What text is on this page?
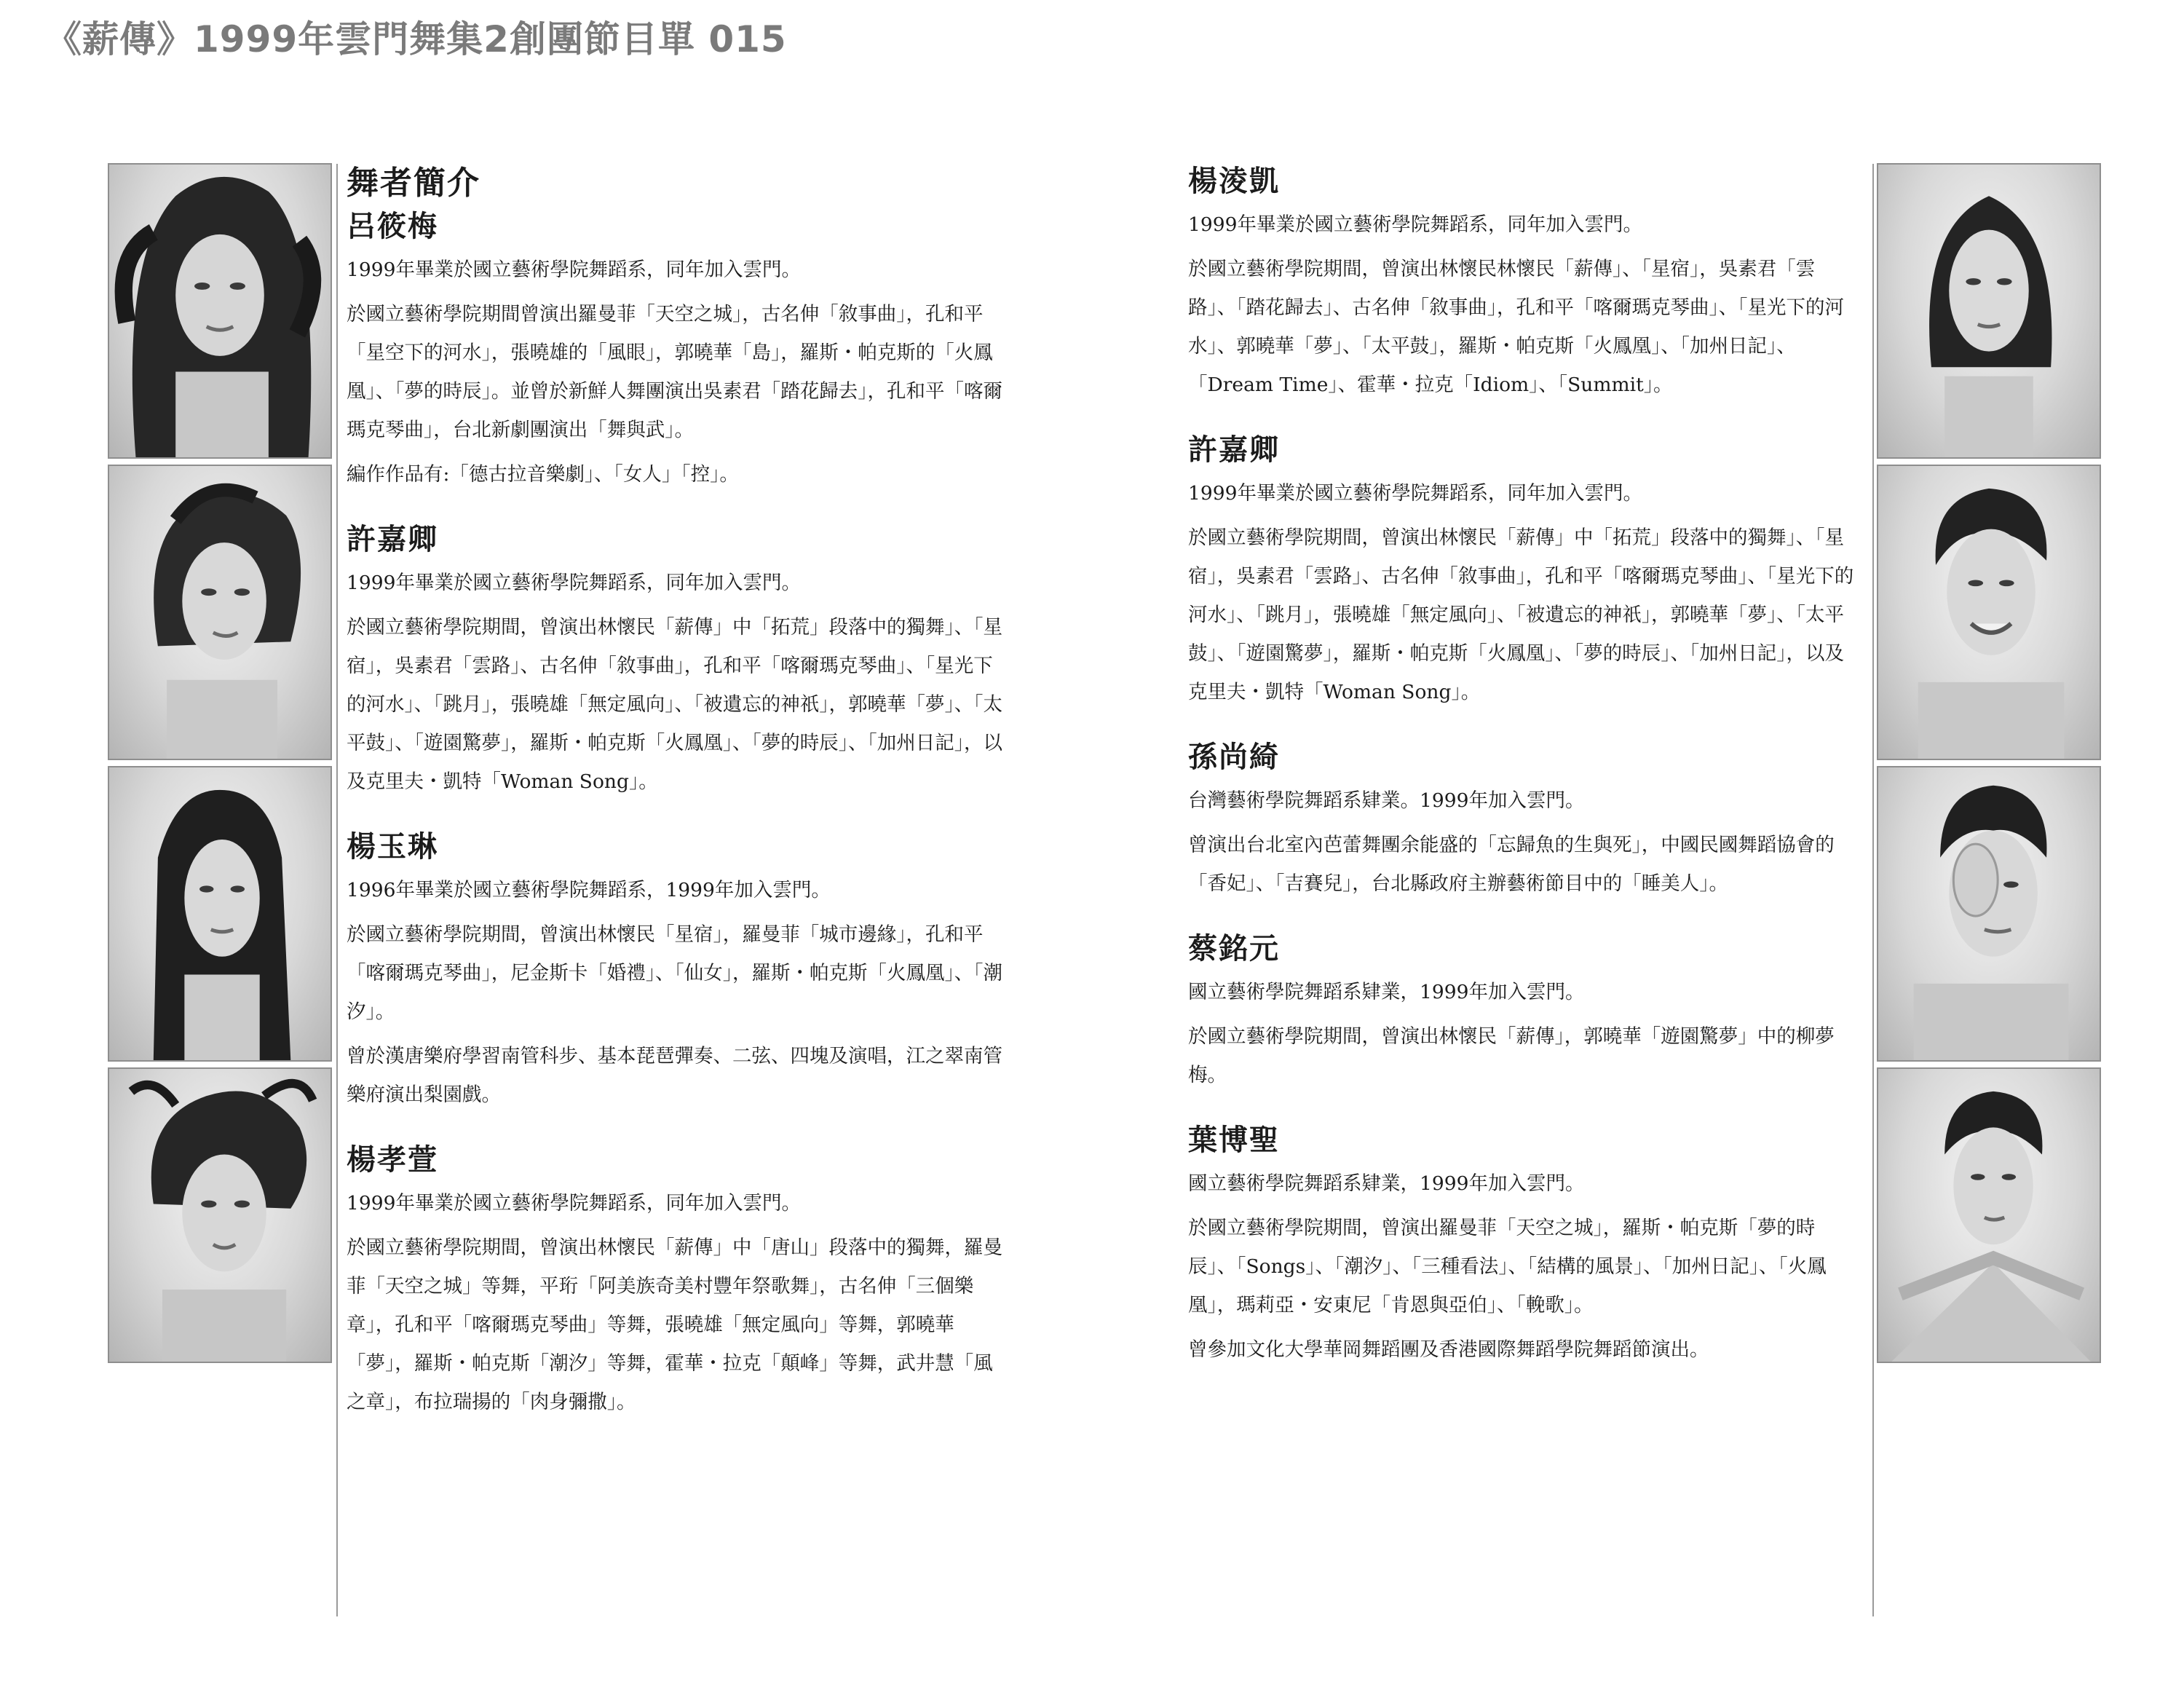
《薪傳》1999年雲門舞集2創團節目單 015
舞者簡介
呂筱梅

1999年畢業於國立藝術學院舞蹈系，同年加入雲門。

於國立藝術學院期間曾演出羅曼菲「天空之城」，古名伸「敘事曲」，孔和平「星空下的河水」，張曉雄的「風眼」，郭曉華「島」，羅斯・帕克斯的「火鳳凰」、「夢的時辰」。並曾於新鮮人舞團演出吳素君「踏花歸去」，孔和平「喀爾瑪克琴曲」，台北新劇團演出「舞與武」。

編作作品有:「德古拉音樂劇」、「女人」「控」。

許嘉卿

1999年畢業於國立藝術學院舞蹈系，同年加入雲門。

於國立藝術學院期間，曾演出林懷民「薪傳」中「拓荒」段落中的獨舞」、「星宿」，吳素君「雲路」、古名伸「敘事曲」，孔和平「喀爾瑪克琴曲」、「星光下的河水」、「跳月」，張曉雄「無定風向」、「被遺忘的神祇」，郭曉華「夢」、「太平鼓」、「遊園驚夢」，羅斯・帕克斯「火鳳凰」、「夢的時辰」、「加州日記」，以及克里夫・凱特「Woman Song」。

楊玉琳

1996年畢業於國立藝術學院舞蹈系，1999年加入雲門。

於國立藝術學院期間，曾演出林懷民「星宿」，羅曼菲「城市邊緣」，孔和平「喀爾瑪克琴曲」，尼金斯卡「婚禮」、「仙女」，羅斯・帕克斯「火鳳凰」、「潮汐」。

曾於漢唐樂府學習南管科步、基本琵琶彈奏、二弦、四塊及演唱，江之翠南管樂府演出梨園戲。

楊孝萱

1999年畢業於國立藝術學院舞蹈系，同年加入雲門。

於國立藝術學院期間，曾演出林懷民「薪傳」中「唐山」段落中的獨舞，羅曼菲「天空之城」等舞，平珩「阿美族奇美村豐年祭歌舞」，古名伸「三個樂章」，孔和平「喀爾瑪克琴曲」等舞，張曉雄「無定風向」等舞，郭曉華「夢」，羅斯・帕克斯「潮汐」等舞，霍華・拉克「顛峰」等舞，武井慧「風之章」，布拉瑞揚的「肉身彌撒」。

楊淩凱

1999年畢業於國立藝術學院舞蹈系，同年加入雲門。

於國立藝術學院期間，曾演出林懷民林懷民「薪傳」、「星宿」，吳素君「雲路」、「踏花歸去」、古名伸「敘事曲」，孔和平「喀爾瑪克琴曲」、「星光下的河水」、郭曉華「夢」、「太平鼓」，羅斯・帕克斯「火鳳凰」、「加州日記」、「Dream Time」、霍華・拉克「Idiom」、「Summit」。

許嘉卿

1999年畢業於國立藝術學院舞蹈系，同年加入雲門。

於國立藝術學院期間，曾演出林懷民「薪傳」中「拓荒」段落中的獨舞」、「星宿」，吳素君「雲路」、古名伸「敘事曲」，孔和平「喀爾瑪克琴曲」、「星光下的河水」、「跳月」，張曉雄「無定風向」、「被遺忘的神祇」，郭曉華「夢」、「太平鼓」、「遊園驚夢」，羅斯・帕克斯「火鳳凰」、「夢的時辰」、「加州日記」，以及克里夫・凱特「Woman Song」。

孫尚綺

台灣藝術學院舞蹈系肄業。1999年加入雲門。

曾演出台北室內芭蕾舞團余能盛的「忘歸魚的生與死」，中國民國舞蹈協會的「香妃」、「吉賽兒」，台北縣政府主辦藝術節目中的「睡美人」。

蔡銘元

國立藝術學院舞蹈系肄業，1999年加入雲門。

於國立藝術學院期間，曾演出林懷民「薪傳」，郭曉華「遊園驚夢」中的柳夢梅。

葉博聖

國立藝術學院舞蹈系肄業，1999年加入雲門。

於國立藝術學院期間，曾演出羅曼菲「天空之城」，羅斯・帕克斯「夢的時辰」、「Songs」、「潮汐」、「三種看法」、「結構的風景」、「加州日記」、「火鳳凰」，瑪莉亞・安東尼「肯恩與亞伯」、「輓歌」。

曾參加文化大學華岡舞蹈團及香港國際舞蹈學院舞蹈節演出。
